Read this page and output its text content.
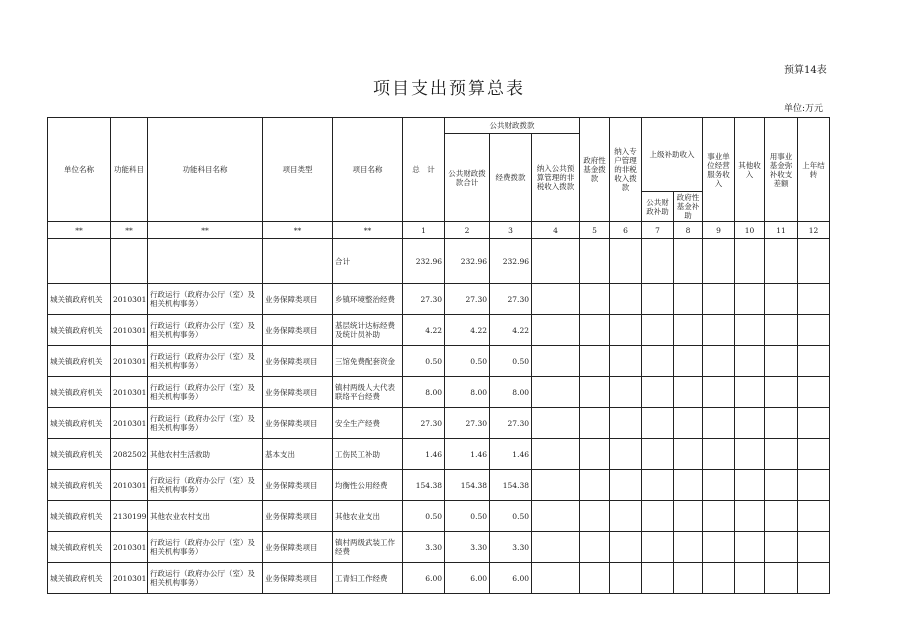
预算14表
项目支出预算总表
单位:万元
单位名称	功能科目	功能科目名称	项目类型	项目名称	总　计	公共财政拨款			政府性基金拨款	纳入专户管理的非税收入拨款	上级补助收入		事业单位经营服务收入	其他收入	用事业基金弥补收支差额	上年结转
						公共财政拨款合计	经费拨款	纳入公共预算管理的非税收入拨款								
											公共财政补助	政府性基金补助				
**	**	**	**	**	1	2	3	4	5	6	7	8	9	10	11	12
				合计	232.96	232.96	232.96									
城关镇政府机关	2010301	行政运行（政府办公厅（室）及相关机构事务）	业务保障类项目	乡镇环境整治经费	27.30	27.30	27.30									
城关镇政府机关	2010301	行政运行（政府办公厅（室）及相关机构事务）	业务保障类项目	基层统计达标经费及统计员补助	4.22	4.22	4.22									
城关镇政府机关	2010301	行政运行（政府办公厅（室）及相关机构事务）	业务保障类项目	三馆免费配套资金	0.50	0.50	0.50									
城关镇政府机关	2010301	行政运行（政府办公厅（室）及相关机构事务）	业务保障类项目	镇村两级人大代表联络平台经费	8.00	8.00	8.00									
城关镇政府机关	2010301	行政运行（政府办公厅（室）及相关机构事务）	业务保障类项目	安全生产经费	27.30	27.30	27.30									
城关镇政府机关	2082502	其他农村生活救助	基本支出	工伤民工补助	1.46	1.46	1.46									
城关镇政府机关	2010301	行政运行（政府办公厅（室）及相关机构事务）	业务保障类项目	均衡性公用经费	154.38	154.38	154.38									
城关镇政府机关	2130199	其他农业农村支出	业务保障类项目	其他农业支出	0.50	0.50	0.50									
城关镇政府机关	2010301	行政运行（政府办公厅（室）及相关机构事务）	业务保障类项目	镇村两级武装工作经费	3.30	3.30	3.30									
城关镇政府机关	2010301	行政运行（政府办公厅（室）及相关机构事务）	业务保障类项目	工青妇工作经费	6.00	6.00	6.00									
